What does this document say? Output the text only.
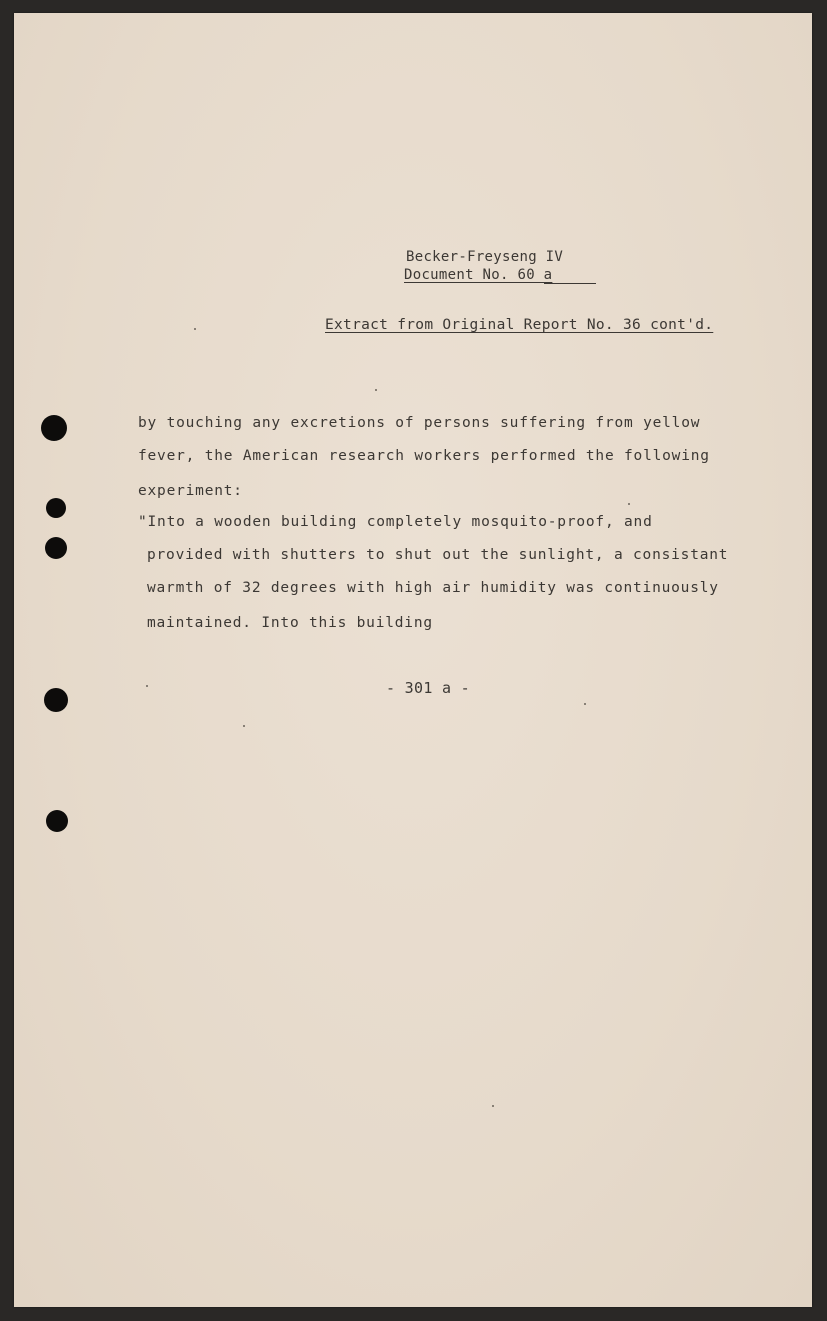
Becker-Freyseng IV
Document No. 60 a
Extract from Original Report No. 36 cont'd.
by touching any excretions of persons suffering from yellow
fever, the American research workers performed the following
experiment:
"Into a wooden building completely mosquito-proof, and
provided with shutters to shut out the sunlight, a consistant
warmth of 32 degrees with high air humidity was continuously
maintained. Into this building
- 301 a -
